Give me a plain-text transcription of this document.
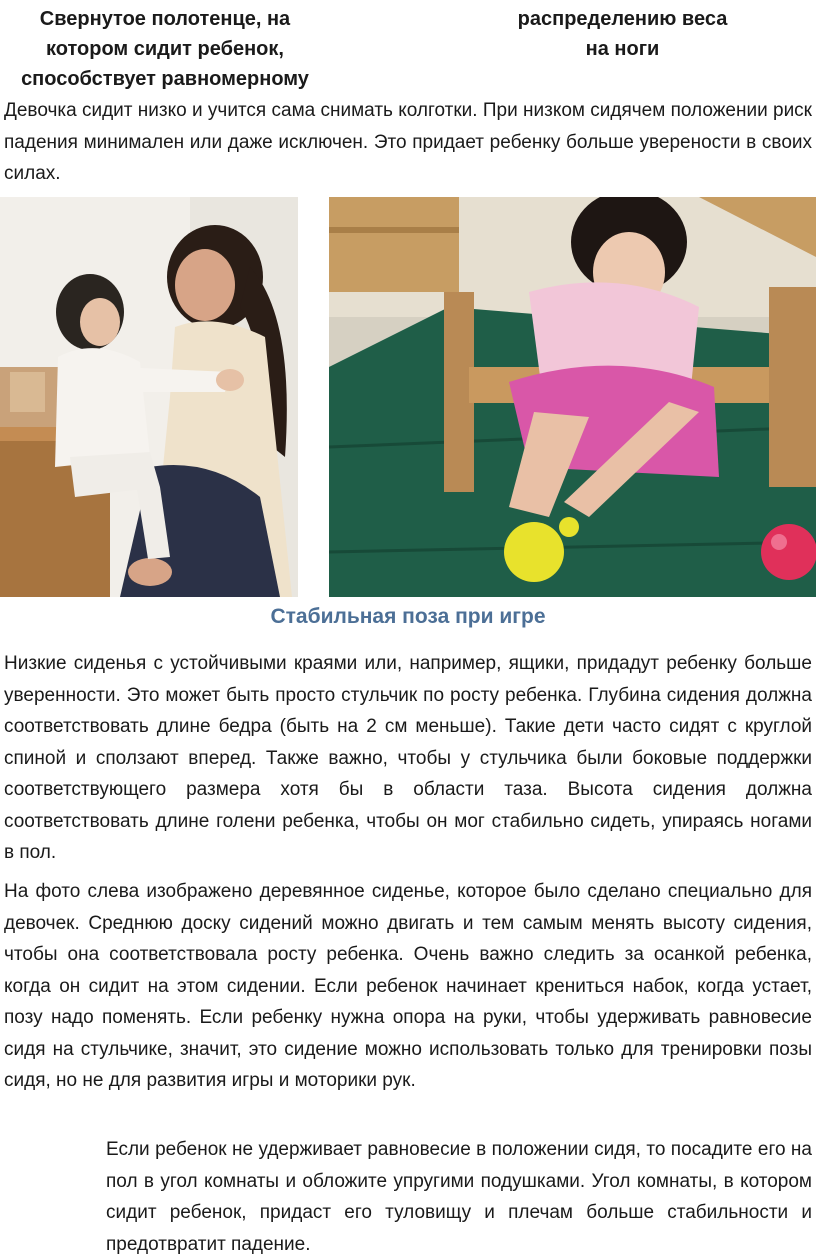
Свернутое полотенце, на
котором сидит ребенок,
способствует равномерному
распределению веса
на ноги

Девочка сидит низко и учится сама снимать колготки. При низком сидячем положении риск падения минимален или даже исключен. Это придает ребенку больше уверености в своих силах.

Стабильная поза при игре

Низкие сиденья с устойчивыми краями или, например, ящики, придадут ребенку больше уверенности. Это может быть просто стульчик по росту ребенка. Глубина сидения должна соответствовать длине бедра (быть на 2 см меньше). Такие дети часто сидят с круглой спиной и сползают вперед. Также важно, чтобы у стульчика были боковые поддержки соответствующего размера хотя бы в области таза. Высота сидения должна соответствовать длине голени ребенка, чтобы он мог стабильно сидеть, упираясь ногами в пол.

На фото слева изображено деревянное сиденье, которое было сделано специально для девочек. Среднюю доску сидений можно двигать и тем самым менять высоту сидения, чтобы она соответствовала росту ребенка. Очень важно следить за осанкой ребенка, когда он сидит на этом сидении. Если ребенок начинает крениться набок, когда устает, позу надо поменять. Если ребенку нужна опора на руки, чтобы удерживать равновесие сидя на стульчике, значит, это сидение можно использовать только для тренировки позы сидя, но не для развития игры и моторики рук.

Если ребенок не удерживает равновесие в положении сидя, то посадите его на пол в угол комнаты и обложите упругими подушками. Угол комнаты, в котором сидит ребенок, придаст его туловищу и плечам больше стабильности и предотвратит падение.
